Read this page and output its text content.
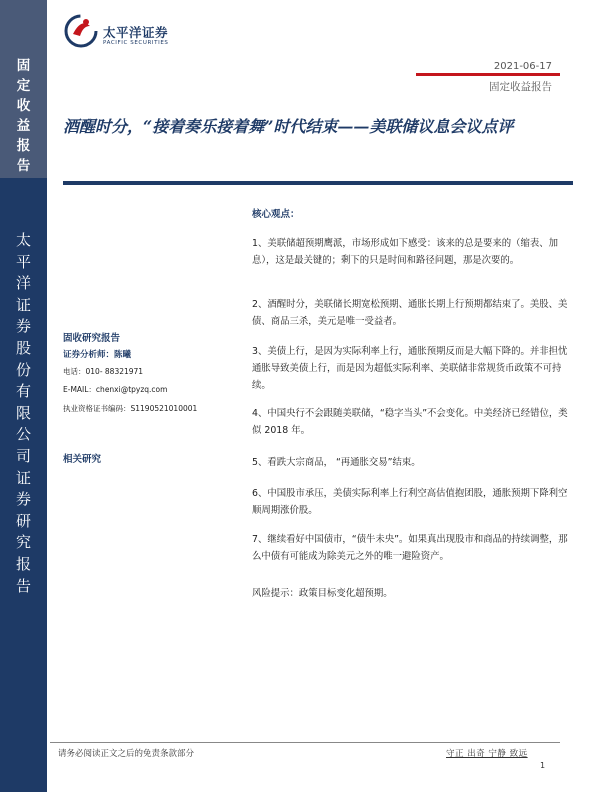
固
定
收
益
报
告
太
平
洋
证
券
股
份
有
限
公
司
证
券
研
究
报
告
太平洋证券
PACIFIC SECURITIES
2021-06-17
固定收益报告
酒醒时分，“接着奏乐接着舞”时代结束——美联储议息会议点评
固收研究报告
证券分析师：陈曦
电话：010- 88321971
E-MAIL：chenxi@tpyzq.com
执业资格证书编码：S1190521010001
相关研究
核心观点：
1、美联储超预期鹰派，市场形成如下感受：该来的总是要来的（缩表、加息），这是最关键的；剩下的只是时间和路径问题，那是次要的。
2、酒醒时分，美联储长期宽松预期、通胀长期上行预期都结束了。美股、美债、商品三杀，美元是唯一受益者。
3、美债上行，是因为实际利率上行，通胀预期反而是大幅下降的。并非担忧通胀导致美债上行，而是因为超低实际利率、美联储非常规货币政策不可持续。
4、中国央行不会跟随美联储，“稳字当头”不会变化。中美经济已经错位，类似 2018 年。
5、看跌大宗商品， “再通胀交易”结束。
6、中国股市承压，美债实际利率上行利空高估值抱团股，通胀预期下降利空顺周期涨价股。
7、继续看好中国债市，“债牛未央”。如果真出现股市和商品的持续调整，那么中债有可能成为除美元之外的唯一避险资产。
风险提示：政策目标变化超预期。
请务必阅读正文之后的免责条款部分	守正 出奇 宁静 致远
1
